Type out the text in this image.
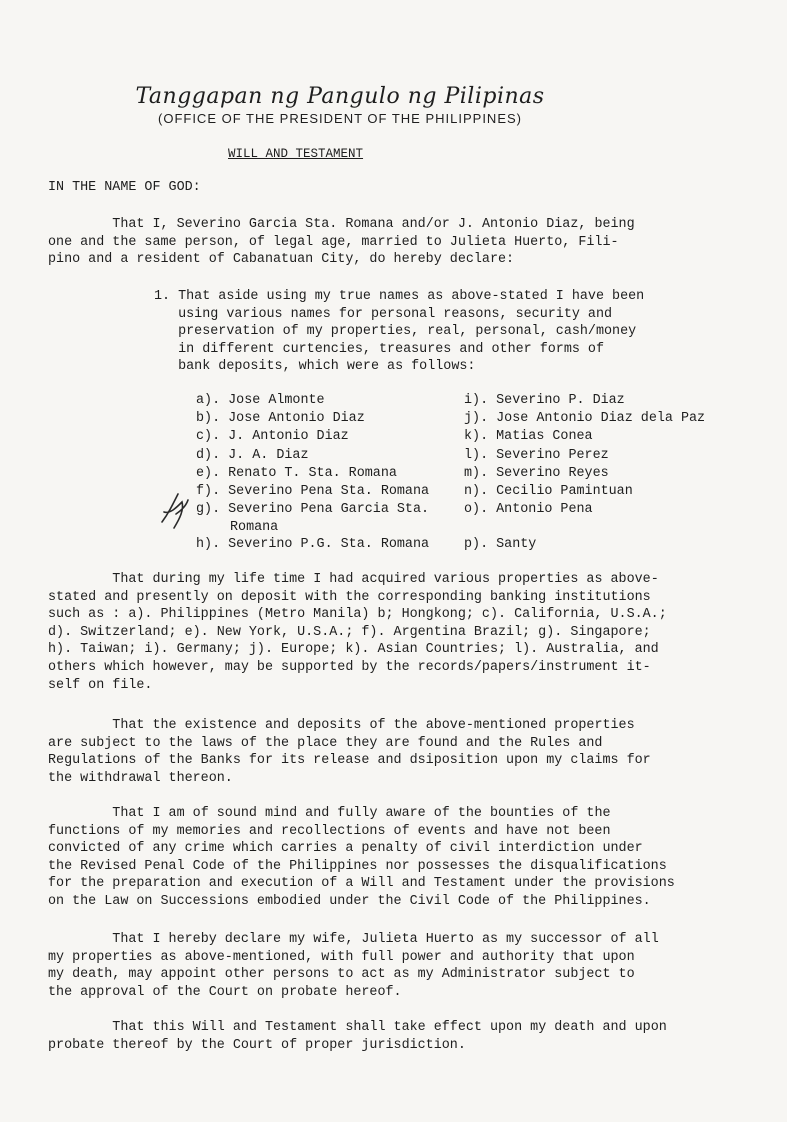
Tanggapan ng Pangulo ng Pilipinas
(OFFICE OF THE PRESIDENT OF THE PHILIPPINES)
WILL AND TESTAMENT
IN THE NAME OF GOD:
That I, Severino Garcia Sta. Romana and/or J. Antonio Diaz, being
one and the same person, of legal age, married to Julieta Huerto, Fili-
pino and a resident of Cabanatuan City, do hereby declare:
1. That aside using my true names as above-stated I have been
using various names for personal reasons, security and
preservation of my properties, real, personal, cash/money
in different curtencies, treasures and other forms of
bank deposits, which were as follows:
a). Jose Almonte	i). Severino P. Diaz
b). Jose Antonio Diaz	j). Jose Antonio Diaz dela Paz
c). J. Antonio Diaz	k). Matias Conea
d). J. A. Diaz	l). Severino Perez
e). Renato T. Sta. Romana	m). Severino Reyes
f). Severino Pena Sta. Romana	n). Cecilio Pamintuan
g). Severino Pena Garcia Sta.	o). Antonio Pena
Romana
h). Severino P.G. Sta. Romana	p). Santy
That during my life time I had acquired various properties as above-
stated and presently on deposit with the corresponding banking institutions
such as : a). Philippines (Metro Manila) b; Hongkong; c). California, U.S.A.;
d). Switzerland; e). New York, U.S.A.; f). Argentina Brazil; g). Singapore;
h). Taiwan; i). Germany; j). Europe; k). Asian Countries; l). Australia, and
others which however, may be supported by the records/papers/instrument it-
self on file.
That the existence and deposits of the above-mentioned properties
are subject to the laws of the place they are found and the Rules and
Regulations of the Banks for its release and dsiposition upon my claims for
the withdrawal thereon.
That I am of sound mind and fully aware of the bounties of the
functions of my memories and recollections of events and have not been
convicted of any crime which carries a penalty of civil interdiction under
the Revised Penal Code of the Philippines nor possesses the disqualifications
for the preparation and execution of a Will and Testament under the provisions
on the Law on Successions embodied under the Civil Code of the Philippines.
That I hereby declare my wife, Julieta Huerto as my successor of all
my properties as above-mentioned, with full power and authority that upon
my death, may appoint other persons to act as my Administrator subject to
the approval of the Court on probate hereof.
That this Will and Testament shall take effect upon my death and upon
probate thereof by the Court of proper jurisdiction.
